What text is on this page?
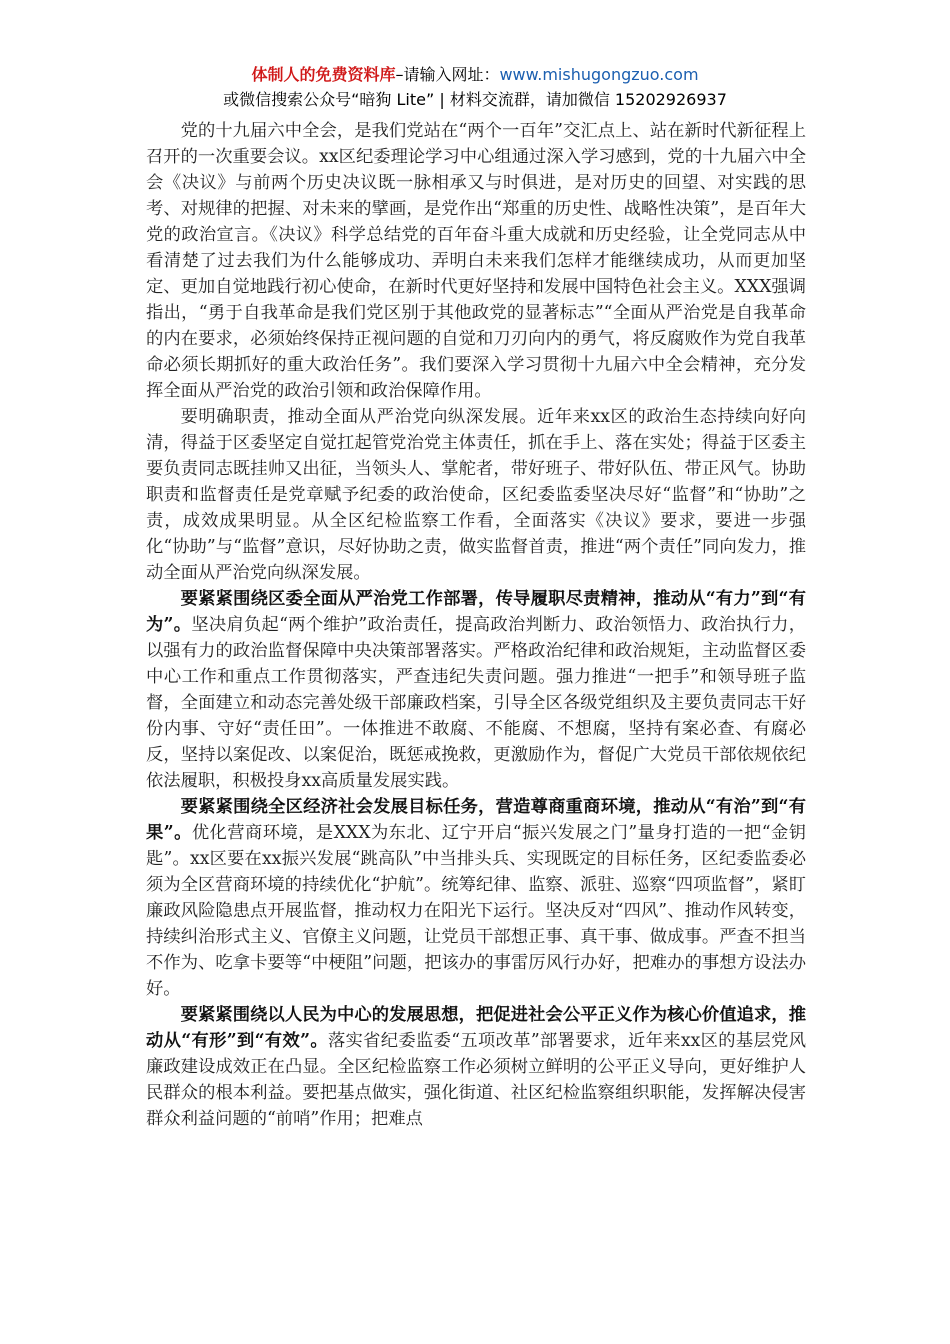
体制人的免费资料库–请输入网址：www.mishugongzuo.com
或微信搜索公众号“暗狗 Lite” | 材料交流群，请加微信 15202926937

党的十九届六中全会，是我们党站在“两个一百年”交汇点上、站在新时代新征程上召开的一次重要会议。xx区纪委理论学习中心组通过深入学习感到，党的十九届六中全会《决议》与前两个历史决议既一脉相承又与时俱进，是对历史的回望、对实践的思考、对规律的把握、对未来的擘画，是党作出“郑重的历史性、战略性决策”，是百年大党的政治宣言。《决议》科学总结党的百年奋斗重大成就和历史经验，让全党同志从中看清楚了过去我们为什么能够成功、弄明白未来我们怎样才能继续成功，从而更加坚定、更加自觉地践行初心使命，在新时代更好坚持和发展中国特色社会主义。XXX强调指出，“勇于自我革命是我们党区别于其他政党的显著标志”“全面从严治党是自我革命的内在要求，必须始终保持正视问题的自觉和刀刃向内的勇气，将反腐败作为党自我革命必须长期抓好的重大政治任务”。我们要深入学习贯彻十九届六中全会精神，充分发挥全面从严治党的政治引领和政治保障作用。

要明确职责，推动全面从严治党向纵深发展。近年来xx区的政治生态持续向好向清，得益于区委坚定自觉扛起管党治党主体责任，抓在手上、落在实处；得益于区委主要负责同志既挂帅又出征，当领头人、掌舵者，带好班子、带好队伍、带正风气。协助职责和监督责任是党章赋予纪委的政治使命，区纪委监委坚决尽好“监督”和“协助”之责，成效成果明显。从全区纪检监察工作看，全面落实《决议》要求，要进一步强化“协助”与“监督”意识，尽好协助之责，做实监督首责，推进“两个责任”同向发力，推动全面从严治党向纵深发展。

要紧紧围绕区委全面从严治党工作部署，传导履职尽责精神，推动从“有力”到“有为”。坚决肩负起“两个维护”政治责任，提高政治判断力、政治领悟力、政治执行力，以强有力的政治监督保障中央决策部署落实。严格政治纪律和政治规矩，主动监督区委中心工作和重点工作贯彻落实，严查违纪失责问题。强力推进“一把手”和领导班子监督，全面建立和动态完善处级干部廉政档案，引导全区各级党组织及主要负责同志干好份内事、守好“责任田”。一体推进不敢腐、不能腐、不想腐，坚持有案必查、有腐必反，坚持以案促改、以案促治，既惩戒挽救，更激励作为，督促广大党员干部依规依纪依法履职，积极投身xx高质量发展实践。

要紧紧围绕全区经济社会发展目标任务，营造尊商重商环境，推动从“有治”到“有果”。优化营商环境，是XXX为东北、辽宁开启“振兴发展之门”量身打造的一把“金钥匙”。xx区要在xx振兴发展“跳高队”中当排头兵、实现既定的目标任务，区纪委监委必须为全区营商环境的持续优化“护航”。统筹纪律、监察、派驻、巡察“四项监督”，紧盯廉政风险隐患点开展监督，推动权力在阳光下运行。坚决反对“四风”、推动作风转变，持续纠治形式主义、官僚主义问题，让党员干部想正事、真干事、做成事。严查不担当不作为、吃拿卡要等“中梗阻”问题，把该办的事雷厉风行办好，把难办的事想方设法办好。

要紧紧围绕以人民为中心的发展思想，把促进社会公平正义作为核心价值追求，推动从“有形”到“有效”。落实省纪委监委“五项改革”部署要求，近年来xx区的基层党风廉政建设成效正在凸显。全区纪检监察工作必须树立鲜明的公平正义导向，更好维护人民群众的根本利益。要把基点做实，强化街道、社区纪检监察组织职能，发挥解决侵害群众利益问题的“前哨”作用；把难点
